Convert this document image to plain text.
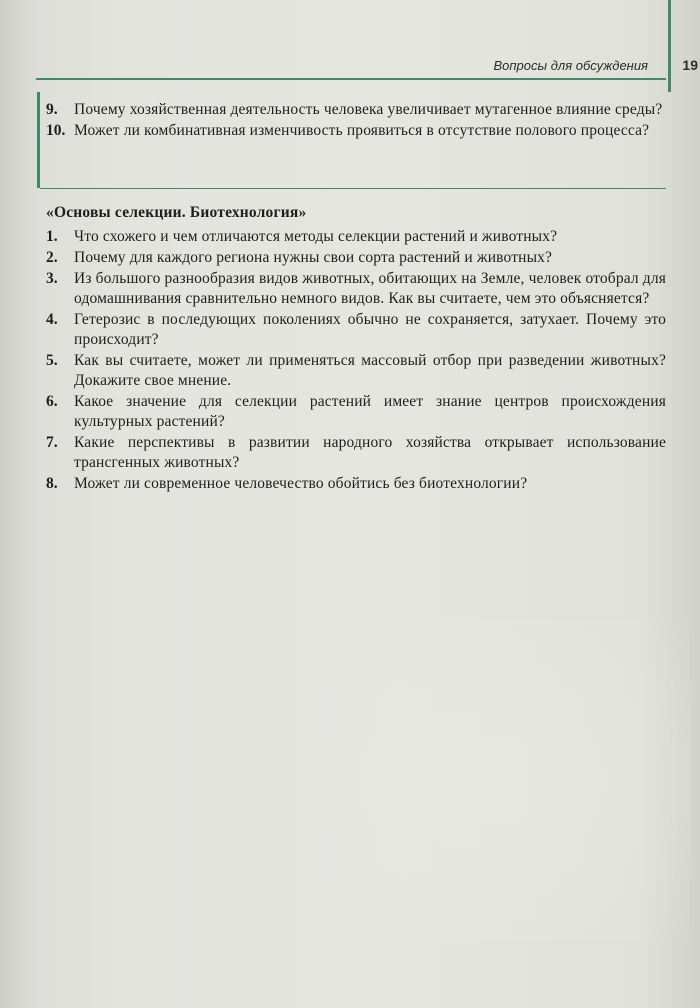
Вопросы для обсуждения 19
9.	Почему хозяйственная деятельность человека увеличивает мутагенное влияние среды?
10. Может ли комбинативная изменчивость проявиться в отсутствие полового процесса?
«Основы селекции. Биотехнология»
1.	Что схожего и чем отличаются методы селекции растений и животных?
2.	Почему для каждого региона нужны свои сорта растений и животных?
3.	Из большого разнообразия видов животных, обитающих на Земле, человек отобрал для одомашнивания сравнительно немного видов. Как вы считаете, чем это объясняется?
4.	Гетерозис в последующих поколениях обычно не сохраняется, затухает. Почему это происходит?
5.	Как вы считаете, может ли применяться массовый отбор при разведении животных? Докажите свое мнение.
6.	Какое значение для селекции растений имеет знание центров происхождения культурных растений?
7.	Какие перспективы в развитии народного хозяйства открывает использование трансгенных животных?
8.	Может ли современное человечество обойтись без биотехнологии?
